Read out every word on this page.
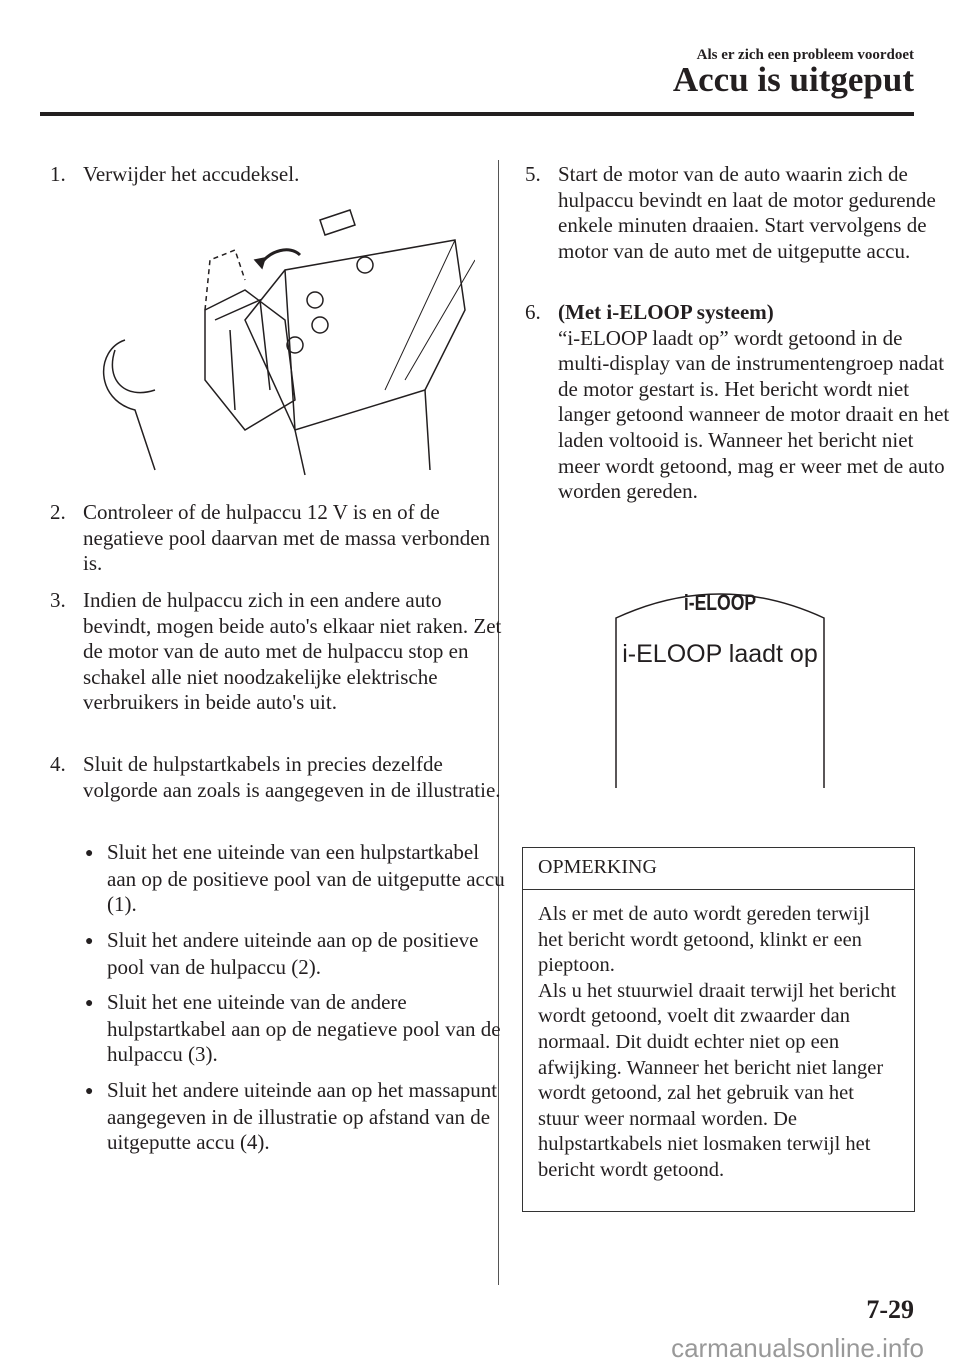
Als er zich een probleem voordoet
Accu is uitgeput
1. Verwijder het accudeksel.
2. Controleer of de hulpaccu 12 V is en of de negatieve pool daarvan met de massa verbonden is.
3. Indien de hulpaccu zich in een andere auto bevindt, mogen beide auto's elkaar niet raken. Zet de motor van de auto met de hulpaccu stop en schakel alle niet noodzakelijke elektrische verbruikers in beide auto's uit.
4. Sluit de hulpstartkabels in precies dezelfde volgorde aan zoals is aangegeven in de illustratie.
● Sluit het ene uiteinde van een hulpstartkabel aan op de positieve pool van de uitgeputte accu (1).
● Sluit het andere uiteinde aan op de positieve pool van de hulpaccu (2).
● Sluit het ene uiteinde van de andere hulpstartkabel aan op de negatieve pool van de hulpaccu (3).
● Sluit het andere uiteinde aan op het massapunt aangegeven in de illustratie op afstand van de uitgeputte accu (4).
5. Start de motor van de auto waarin zich de hulpaccu bevindt en laat de motor gedurende enkele minuten draaien. Start vervolgens de motor van de auto met de uitgeputte accu.
6. (Met i-ELOOP systeem)
“i-ELOOP laadt op” wordt getoond in de multi-display van de instrumentengroep nadat de motor gestart is. Het bericht wordt niet langer getoond wanneer de motor draait en het laden voltooid is. Wanneer het bericht niet meer wordt getoond, mag er weer met de auto worden gereden.
i-ELOOP
i-ELOOP laadt op
OPMERKING
Als er met de auto wordt gereden terwijl het bericht wordt getoond, klinkt er een pieptoon.
Als u het stuurwiel draait terwijl het bericht wordt getoond, voelt dit zwaarder dan normaal. Dit duidt echter niet op een afwijking. Wanneer het bericht niet langer wordt getoond, zal het gebruik van het stuur weer normaal worden. De hulpstartkabels niet losmaken terwijl het bericht wordt getoond.
7-29
carmanualsonline.info
